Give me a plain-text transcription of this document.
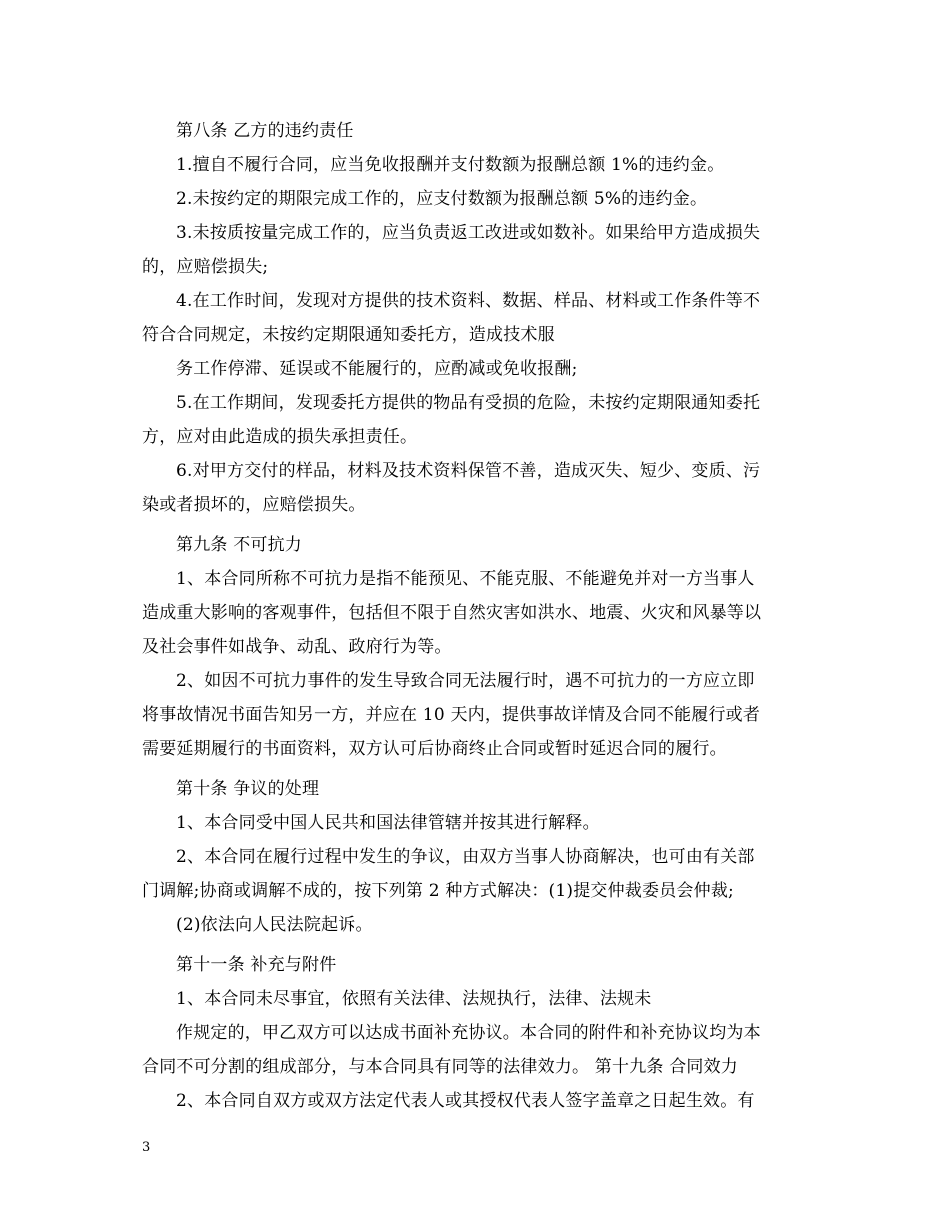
第八条 乙方的违约责任
1.擅自不履行合同，应当免收报酬并支付数额为报酬总额 1%的违约金。
2.未按约定的期限完成工作的，应支付数额为报酬总额 5%的违约金。
3.未按质按量完成工作的，应当负责返工改进或如数补。如果给甲方造成损失
的，应赔偿损失;
4.在工作时间，发现对方提供的技术资料、数据、样品、材料或工作条件等不
符合合同规定，未按约定期限通知委托方，造成技术服
务工作停滞、延误或不能履行的，应酌减或免收报酬;
5.在工作期间，发现委托方提供的物品有受损的危险，未按约定期限通知委托
方，应对由此造成的损失承担责任。
6.对甲方交付的样品，材料及技术资料保管不善，造成灭失、短少、变质、污
染或者损坏的，应赔偿损失。
第九条 不可抗力
1、本合同所称不可抗力是指不能预见、不能克服、不能避免并对一方当事人
造成重大影响的客观事件，包括但不限于自然灾害如洪水、地震、火灾和风暴等以
及社会事件如战争、动乱、政府行为等。
2、如因不可抗力事件的发生导致合同无法履行时，遇不可抗力的一方应立即
将事故情况书面告知另一方，并应在 10 天内，提供事故详情及合同不能履行或者
需要延期履行的书面资料，双方认可后协商终止合同或暂时延迟合同的履行。
第十条 争议的处理
1、本合同受中国人民共和国法律管辖并按其进行解释。
2、本合同在履行过程中发生的争议，由双方当事人协商解决，也可由有关部
门调解;协商或调解不成的，按下列第 2 种方式解决：(1)提交仲裁委员会仲裁;
(2)依法向人民法院起诉。
第十一条 补充与附件
1、本合同未尽事宜，依照有关法律、法规执行，法律、法规未
作规定的，甲乙双方可以达成书面补充协议。本合同的附件和补充协议均为本
合同不可分割的组成部分，与本合同具有同等的法律效力。 第十九条 合同效力
2、本合同自双方或双方法定代表人或其授权代表人签字盖章之日起生效。有
3
